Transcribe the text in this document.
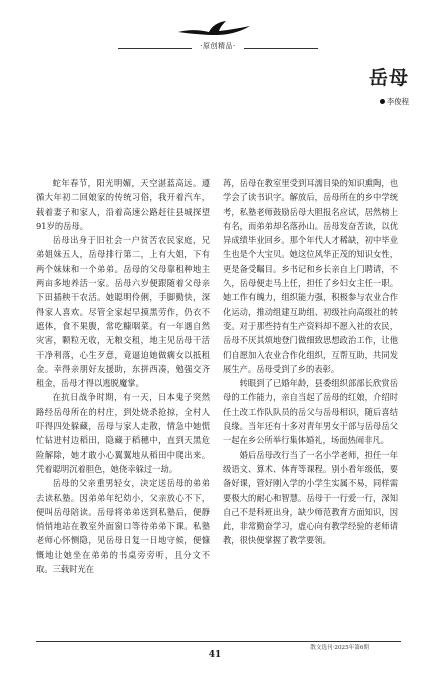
·原创精品·
岳母
李俊程

蛇年春节，阳光明媚，天空湛蓝高远。遵循大年初二回娘家的传统习俗，我开着汽车，载着妻子和家人，沿着高速公路赶往县城探望91岁的岳母。

岳母出身于旧社会一户贫苦农民家庭，兄弟姐妹五人，岳母排行第二，上有大姐，下有两个妹妹和一个弟弟。岳母的父母靠租种地主两亩多地养活一家。岳母六岁便跟随着父母亲下田插秧干农活。她聪明伶俐，手脚勤快，深得家人喜欢。尽管全家起早摸黑劳作，仍衣不遮体，食不果腹，常吃糠咽菜。有一年遇自然灾害，颗粒无收，无粮交租，地主见岳母干活干净利落，心生歹意，竟逼迫她做瘸女以抵租金。幸得亲朋好友援助，东拼西凑，勉强交齐租金，岳母才得以逃脱魔掌。

在抗日战争时期，有一天，日本鬼子突然路经岳母所在的村庄，到处烧杀抢掠，全村人吓得四处躲藏，岳母与家人走散，情急中她慌忙钻进村边稻田，隐藏于稻穗中，直到天黑危险解除，她才敢小心翼翼地从稻田中爬出来。凭着聪明沉着胆色，她侥幸躲过一劫。

岳母的父亲重男轻女，决定送岳母的弟弟去读私塾。因弟弟年纪幼小，父亲放心不下，便叫岳母陪读。岳母将弟弟送到私塾后，便静悄悄地站在教室外面窗口等待弟弟下课。私塾老师心怀恻隐，见岳母日复一日地守候，便慷慨地让她坐在弟弟的书桌旁旁听，且分文不取。三载时光在

苒，岳母在教室里受到耳濡目染的知识熏陶，也学会了读书识字。解放后，岳母所在的乡中学统考，私塾老师鼓励岳母大胆报名应试，居然榜上有名，而弟弟却名落孙山。岳母发奋苦读，以优异成绩毕业回乡。那个年代人才稀缺，初中毕业生也是个大宝贝。她这位风华正茂的知识女性，更是备受瞩目。乡书记和乡长亲自上门聘请，不久，岳母便走马上任，担任了乡妇女主任一职。她工作有魄力，组织能力强，积极参与农业合作化运动，推动组建互助组、初级社向高级社的转变。对于那些持有生产资料却不愿入社的农民，岳母不厌其烦地登门做细致思想政治工作，让他们自愿加入农业合作化组织，互帮互助，共同发展生产。岳母受到了乡的表彰。

转眼到了已婚年龄，县委组织部部长欣赏岳母的工作能力，亲自当起了岳母的红娘，介绍时任土改工作队队员的岳父与岳母相识，随后喜结良缘。当年还有十多对青年男女干部与岳母岳父一起在乡公所举行集体婚礼，场面热闹非凡。

婚后岳母改行当了一名小学老师，担任一年级语文、算术、体育等课程。别小看年级低，要备好课，管好刚入学的小学生实属不易，同样需要极大的耐心和智慧。岳母干一行爱一行，深知自己不是科班出身，缺少师范教育方面知识，因此，非常勤奋学习，虚心向有教学经验的老师请教，很快便掌握了教学要领。

散文选刊·2025年第6期
41
